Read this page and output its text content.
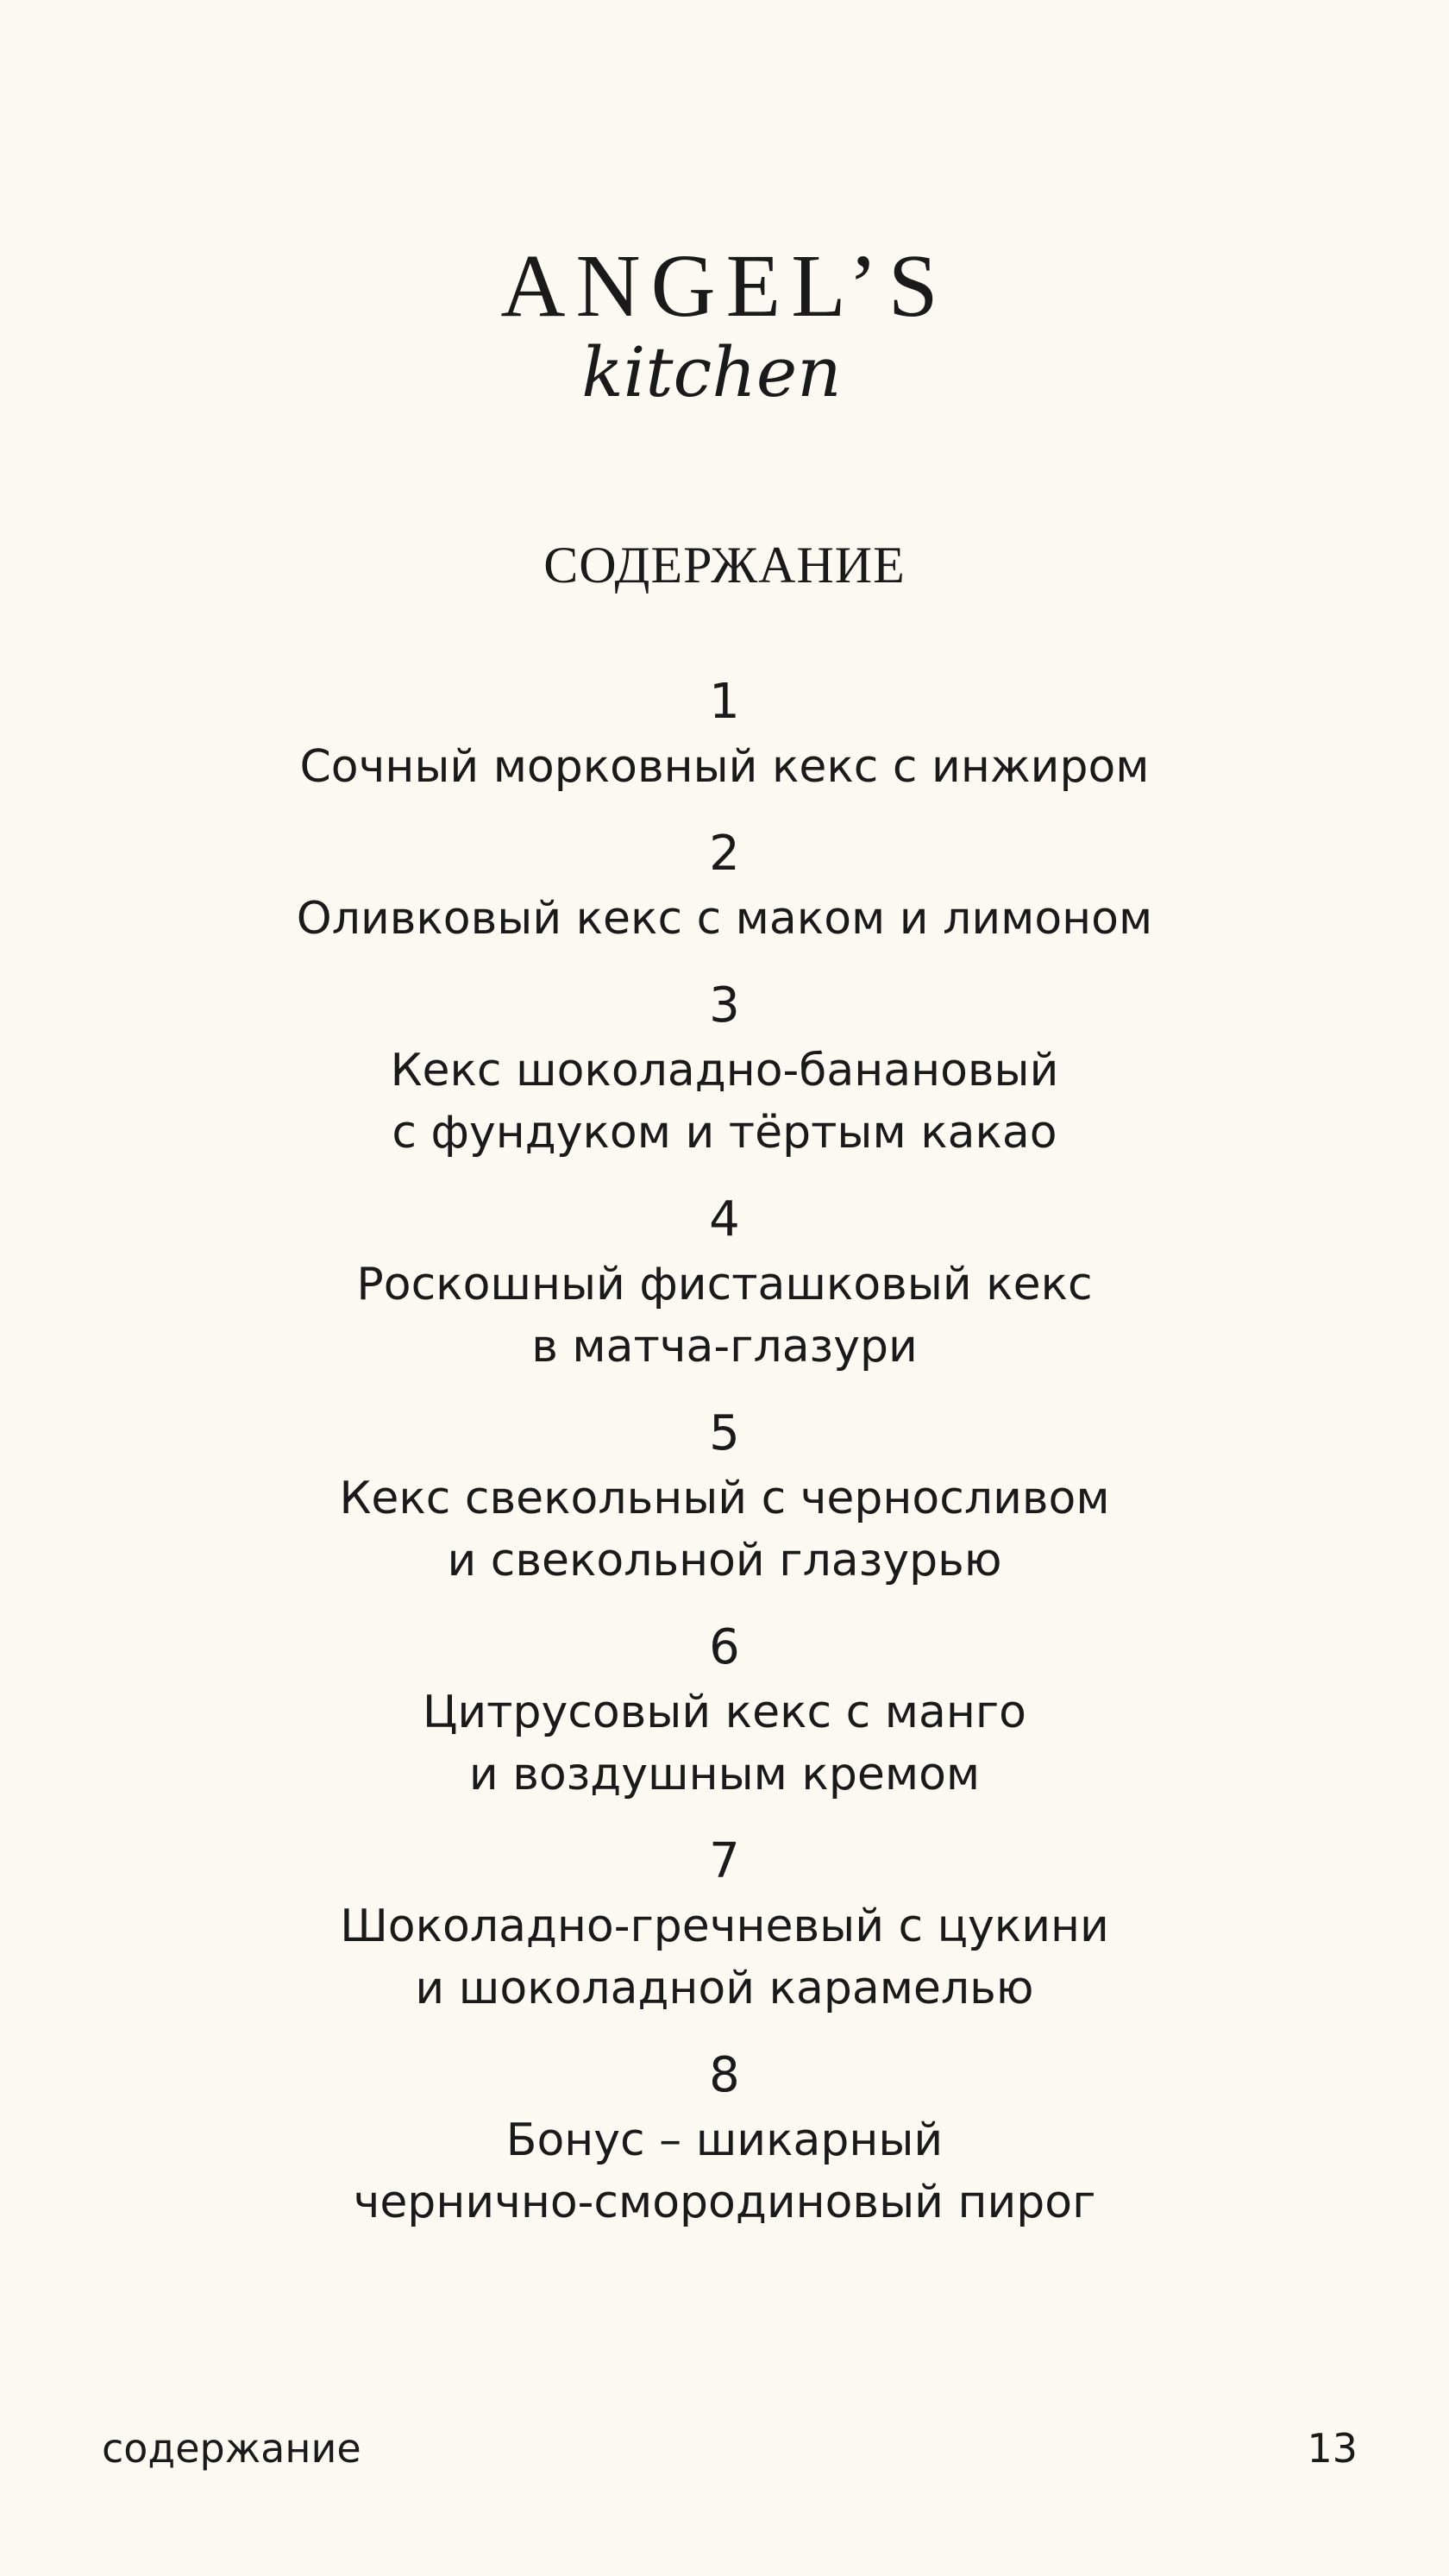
ANGEL’S
kitchen
СОДЕРЖАНИЕ
1
Сочный морковный кекс с инжиром
2
Оливковый кекс с маком и лимоном
3
Кекс шоколадно-банановый
с фундуком и тёртым какао
4
Роскошный фисташковый кекс
в матча-глазури
5
Кекс свекольный с черносливом
и свекольной глазурью
6
Цитрусовый кекс с манго
и воздушным кремом
7
Шоколадно-гречневый с цукини
и шоколадной карамелью
8
Бонус – шикарный
чернично-смородиновый пирог
содержание	13
